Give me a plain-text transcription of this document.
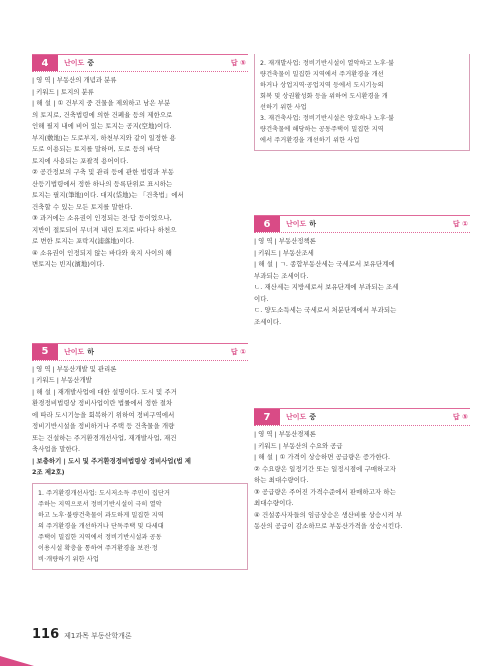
4	난이도 중	답 ⑤

| 영 역 | 부동산의 개념과 분류

| 키워드 | 토지의 분류

| 해 설 | ① 건부지 중 건물을 제외하고 남은 부분

의 토지로, 건축법령에 의한 건폐율 등의 제한으로

인해 필지 내에 비어 있는 토지는 공지(空地)이다.

부지(敷地)는 도로부지, 하천부지와 같이 일정한 용

도로 이용되는 토지를 말하며, 도로 등의 바닥

토지에 사용되는 포괄적 용어이다.

② 공간정보의 구축 및 관리 등에 관한 법령과 부동

산등기법령에서 정한 하나의 등록단위로 표시하는

토지는 필지(筆地)이다. 대지(垈地)는 「건축법」에서

건축할 수 있는 모든 토지를 말한다.

③ 과거에는 소유권이 인정되는 전·답 등이었으나,

지반이 절토되어 무너져 내린 토지로 바다나 하천으

로 변한 토지는 포락지(浦落地)이다.

④ 소유권이 인정되지 않는 바다와 육지 사이의 해

변토지는 빈지(濱地)이다.

5	난이도 하	답 ①

| 영 역 | 부동산개발 및 관리론

| 키워드 | 부동산개발

| 해 설 | 재개발사업에 대한 설명이다. 도시 및 주거

환경정비법령상 정비사업이란 법률에서 정한 절차

에 따라 도시기능을 회복하기 위하여 정비구역에서

정비기반시설을 정비하거나 주택 등 건축물을 개량

또는 건설하는 주거환경개선사업, 재개발사업, 재건

축사업을 말한다.

| 보충하기 | 도시 및 주거환경정비법령상 정비사업(법 제

2조 제2호)

1. 주거환경개선사업: 도시저소득 주민이 집단거

주하는 지역으로서 정비기반시설이 극히 열악

하고 노후·불량건축물이 과도하게 밀집한 지역

의 주거환경을 개선하거나 단독주택 및 다세대

주택이 밀집한 지역에서 정비기반시설과 공동

이용시설 확충을 통하여 주거환경을 보전·정

비·개량하기 위한 사업

2. 재개발사업: 정비기반시설이 열악하고 노후·불

량건축물이 밀집한 지역에서 주거환경을 개선

하거나 상업지역·공업지역 등에서 도시기능의

회복 및 상권활성화 등을 위하여 도시환경을 개

선하기 위한 사업

3. 재건축사업: 정비기반시설은 양호하나 노후·불

량건축물에 해당하는 공동주택이 밀집한 지역

에서 주거환경을 개선하기 위한 사업

6	난이도 하	답 ①

| 영 역 | 부동산정책론

| 키워드 | 부동산조세

| 해 설 | ㄱ. 종합부동산세는 국세로서 보유단계에

부과되는 조세이다.

ㄴ. 재산세는 지방세로서 보유단계에 부과되는 조세

이다.

ㄷ. 양도소득세는 국세로서 처분단계에서 부과되는

조세이다.

7	난이도 중	답 ⑤

| 영 역 | 부동산경제론

| 키워드 | 부동산의 수요와 공급

| 해 설 | ① 가격이 상승하면 공급량은 증가한다.

② 수요량은 일정기간 또는 일정시점에 구매하고자

하는 최대수량이다.

③ 공급량은 주어진 가격수준에서 판매하고자 하는

최대수량이다.

④ 건설종사자들의 임금상승은 생산비를 상승시켜 부

동산의 공급이 감소하므로 부동산가격을 상승시킨다.

116 제1과목 부동산학개론
